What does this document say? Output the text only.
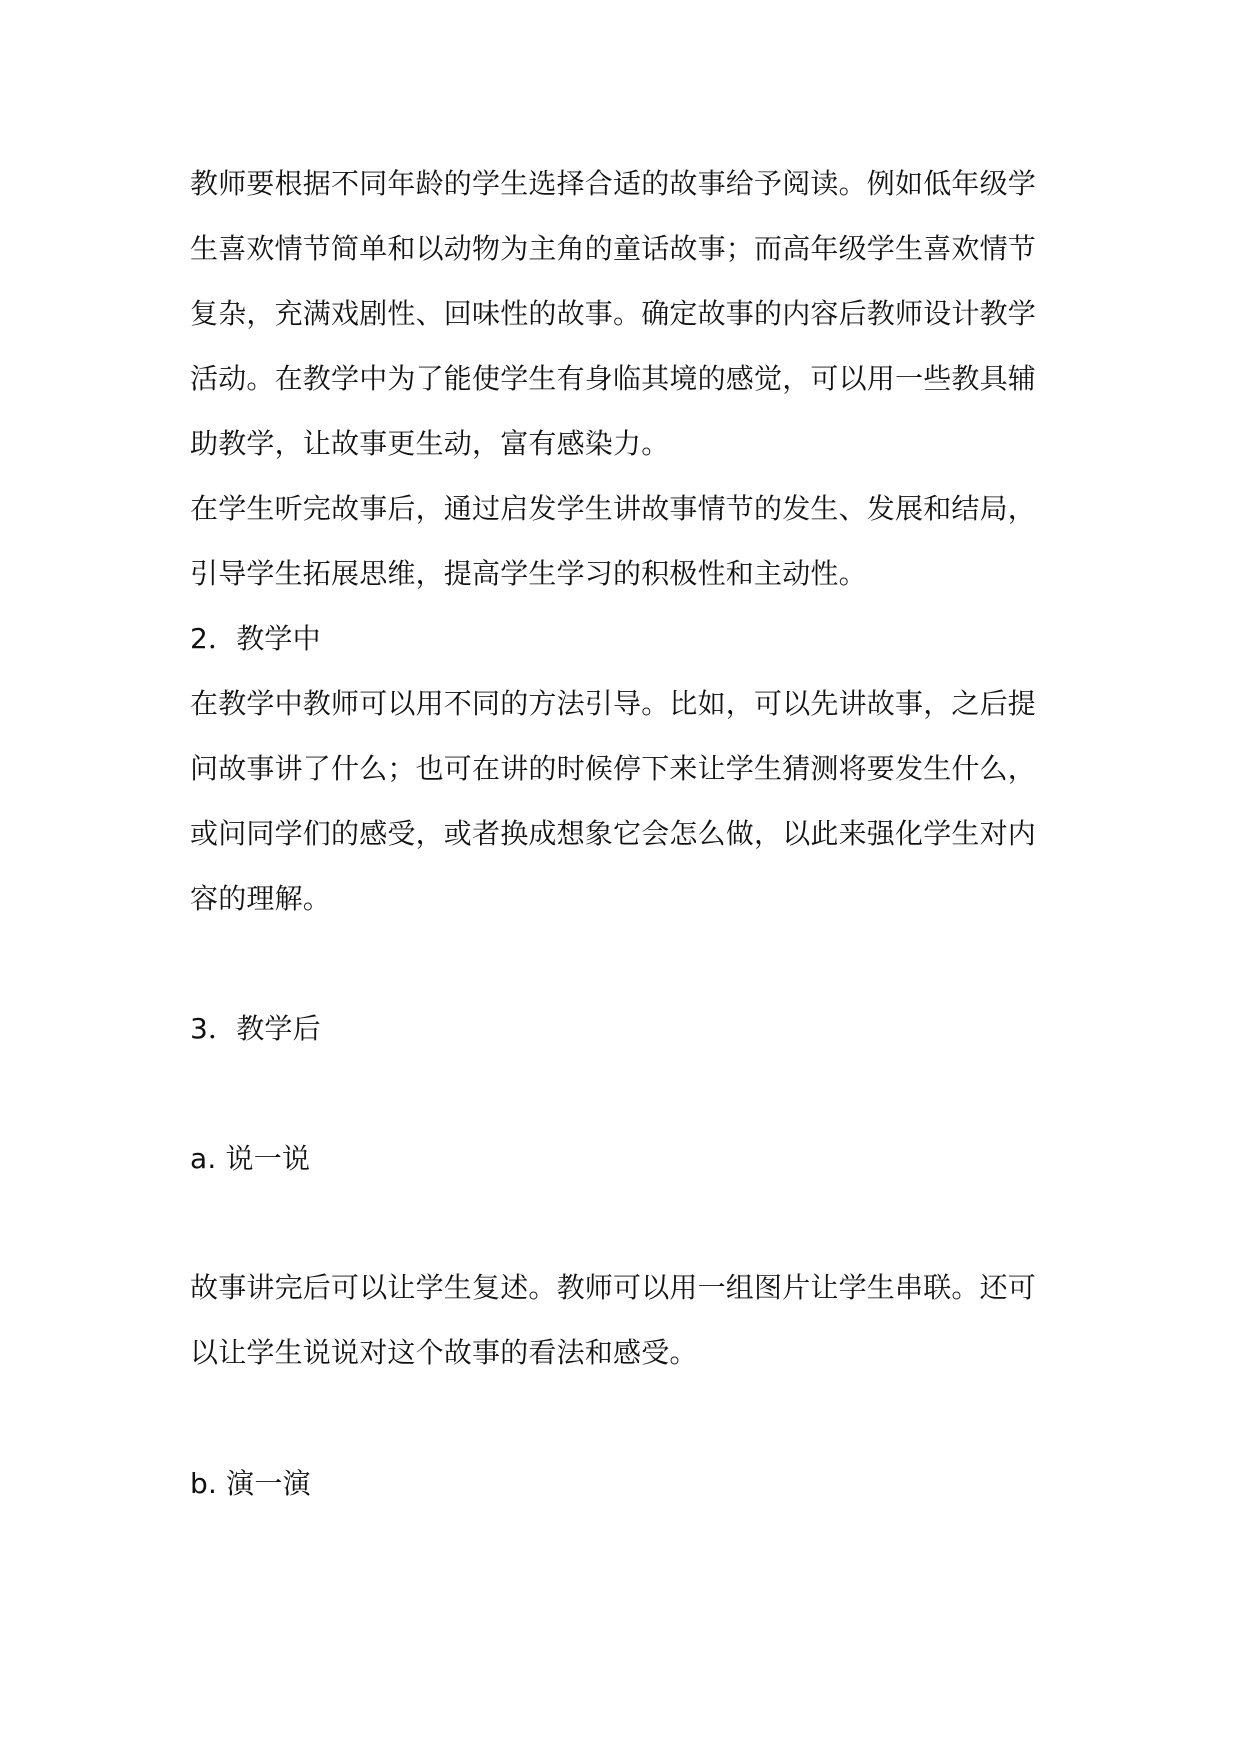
教师要根据不同年龄的学生选择合适的故事给予阅读。例如低年级学
生喜欢情节简单和以动物为主角的童话故事；而高年级学生喜欢情节
复杂，充满戏剧性、回味性的故事。确定故事的内容后教师设计教学
活动。在教学中为了能使学生有身临其境的感觉，可以用一些教具辅
助教学，让故事更生动，富有感染力。
在学生听完故事后，通过启发学生讲故事情节的发生、发展和结局，
引导学生拓展思维，提高学生学习的积极性和主动性。
2．教学中
在教学中教师可以用不同的方法引导。比如，可以先讲故事，之后提
问故事讲了什么；也可在讲的时候停下来让学生猜测将要发生什么，
或问同学们的感受，或者换成想象它会怎么做，以此来强化学生对内
容的理解。
3．教学后
a. 说一说
故事讲完后可以让学生复述。教师可以用一组图片让学生串联。还可
以让学生说说对这个故事的看法和感受。
b. 演一演
